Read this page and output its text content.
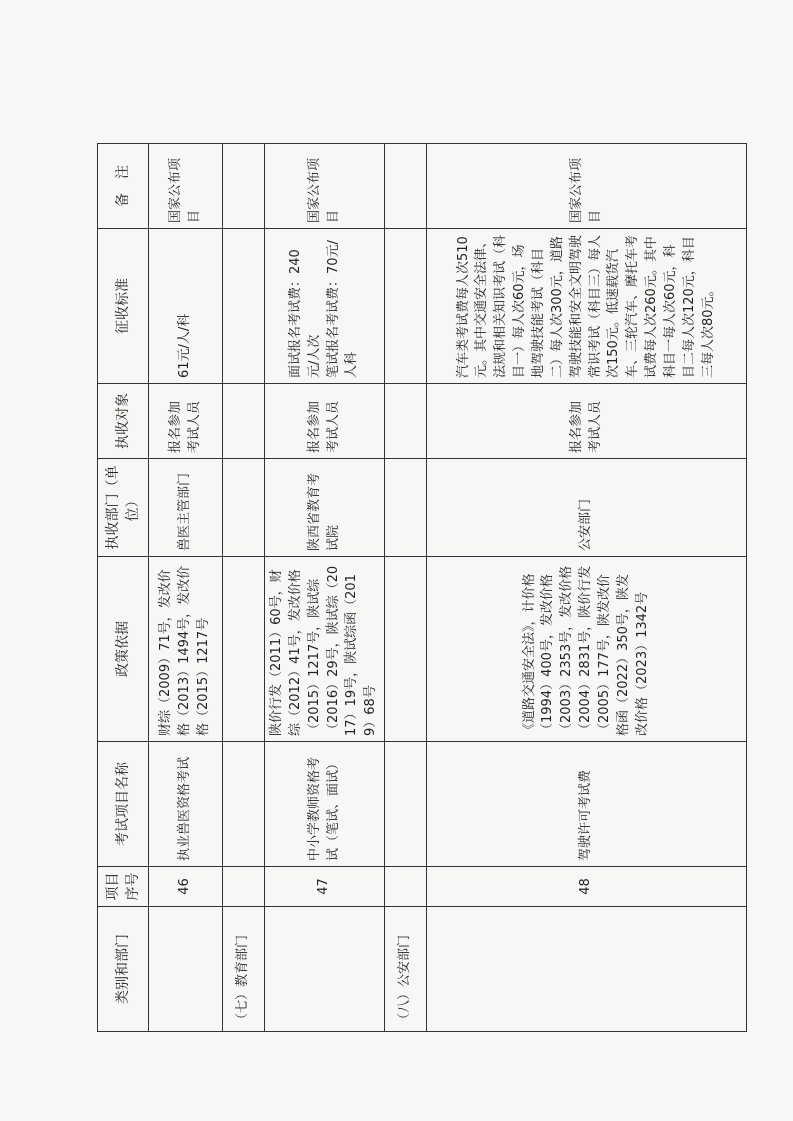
类别和部门	项目序号	考试项目名称	政策依据	执收部门（单位）	执收对象	征收标准	备　注
	46	执业兽医资格考试	财综（2009）71号，发改价格（2013）1494号，发改价格（2015）1217号	兽医主管部门	报名参加考试人员	61元/人/科	国家公布项目
（七）教育部门							
	47	中小学教师资格考试（笔试、面试）	陕价行发（2011）60号，财综（2012）41号，发改价格（2015）1217号，陕试综（2016）29号，陕试综（2017）19号，陕试综函（2019）68号	陕西省教育考试院	报名参加考试人员	面试报名考试费：240元/人次
笔试报名考试费：70元/人科	国家公布项目
（八）公安部门							
	48	驾驶许可考试费	《道路交通安全法》，计价格（1994）400号，发改价格（2003）2353号，发改价格（2004）2831号，陕价行发（2005）177号，陕发改价格函（2022）350号，陕发改价格（2023）1342号	公安部门	报名参加考试人员	汽车类考试费每人次510元。其中交通安全法律、法规和相关知识考试（科目一）每人次60元，场地驾驶技能考试（科目二）每人次300元，道路驾驶技能和安全文明驾驶常识考试（科目三）每人次150元。低速载货汽车、三轮汽车、摩托车考试费每人次260元。其中科目一每人次60元，科目二每人次120元，科目三每人次80元。	国家公布项目
